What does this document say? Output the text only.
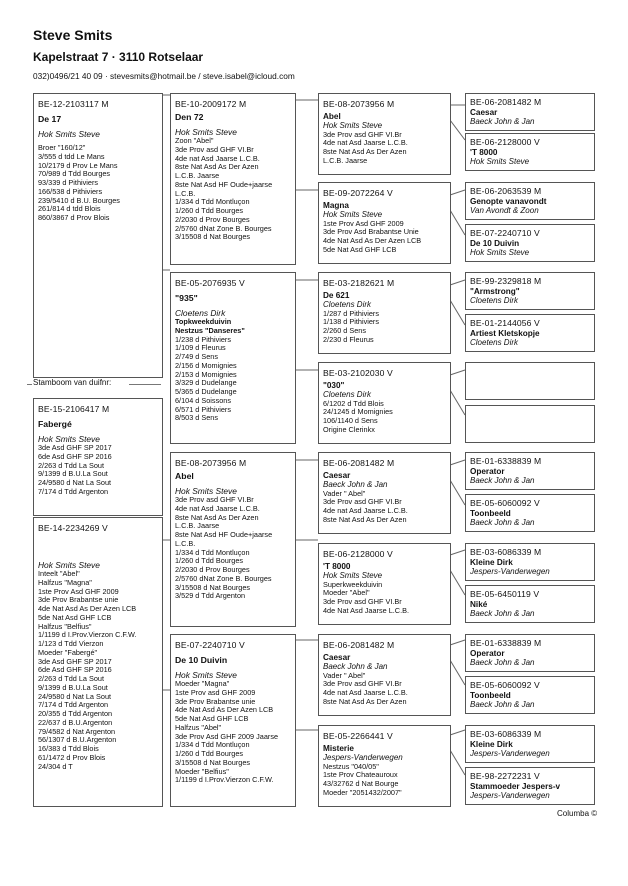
Steve Smits
Kapelstraat 7 · 3110 Rotselaar
032)0496/21 40 09 · stevesmits@hotmail.be / steve.isabel@icloud.com
BE-12-2103117 M
De 17
Hok Smits Steve
Broer "160/12"
3/555 d tdd Le Mans
10/2179 d Prov Le Mans
70/989 d Tdd Bourges
93/339 d Pithiviers
166/538 d Pithiviers
239/5410 d B.U. Bourges
261/814 d tdd Blois
860/3867 d Prov Blois
Stamboom van duifnr:
BE-15-2106417 M
Fabergé
Hok Smits Steve
3de Asd GHF SP 2017
6de Asd GHF SP 2016
2/263 d Tdd La Sout
9/1399 d B.U.La Sout
24/9580 d Nat La Sout
7/174 d Tdd Argenton
BE-14-2234269 V
Hok Smits Steve
Inteelt "Abel"
Halfzus "Magna"
1ste Prov Asd GHF 2009
3de Prov Brabantse unie
4de Nat Asd As Der Azen LCB
5de Nat Asd GHF LCB
Halfzus "Belfius"
1/1199 d I.Prov.Vierzon C.F.W.
1/123 d Tdd Vierzon
Moeder "Fabergé"
3de Asd GHF SP 2017
6de Asd GHF SP 2016
2/263 d Tdd La Sout
9/1399 d B.U.La Sout
24/9580 d Nat La Sout
7/174 d Tdd Argenton
20/355 d Tdd Argenton
22/637 d B.U.Argenton
79/4582 d Nat Argenton
56/1307 d B.U.Argenton
16/383 d Tdd Blois
61/1472 d Prov Blois
24/304 d T
BE-10-2009172 M
Den 72
Hok Smits Steve
Zoon "Abel"
3de Prov asd GHF VI.Br
4de nat Asd Jaarse L.C.B.
8ste Nat Asd As Der Azen
L.C.B. Jaarse
8ste Nat Asd HF Oude+jaarse
L.C.B.
1/334 d Tdd Montluçon
1/260 d Tdd Bourges
2/2030 d Prov Bourges
2/5760 dNat Zone B. Bourges
3/15508 d Nat Bourges
BE-05-2076935 V
"935"
Cloetens Dirk
Topkweekduivin
Nestzus "Danseres"
1/238 d Pithiviers
1/109 d Fleurus
2/749 d Sens
2/156 d Momignies
2/153 d Momignies
3/329 d Dudelange
5/365 d Dudelange
6/104 d Soissons
6/571 d Pithiviers
8/503 d Sens
BE-08-2073956 M
Abel
Hok Smits Steve
3de Prov asd GHF VI.Br
4de nat Asd Jaarse L.C.B.
8ste Nat Asd As Der Azen
L.C.B. Jaarse
8ste Nat Asd HF Oude+jaarse
L.C.B.
1/334 d Tdd Montluçon
1/260 d Tdd Bourges
2/2030 d Prov Bourges
2/5760 dNat Zone B. Bourges
3/15508 d Nat Bourges
3/529 d Tdd Argenton
BE-07-2240710 V
De 10 Duivin
Hok Smits Steve
Moeder "Magna"
1ste Prov asd GHF 2009
3de Prov Brabantse unie
4de Nat Asd As Der Azen LCB
5de Nat Asd GHF LCB
Halfzus "Abel"
3de Prov Asd GHF 2009 Jaarse
1/334 d Tdd Montluçon
1/260 d Tdd Bourges
3/15508 d Nat Bourges
Moeder "Belfius"
1/1199 d I.Prov.Vierzon C.F.W.
BE-08-2073956 M
Abel
Hok Smits Steve
3de Prov asd GHF VI.Br
4de nat Asd Jaarse L.C.B.
8ste Nat Asd As Der Azen
L.C.B. Jaarse
BE-09-2072264 V
Magna
Hok Smits Steve
1ste Prov Asd GHF 2009
3de Prov Asd Brabantse Unie
4de Nat Asd As Der Azen LCB
5de Nat Asd GHF LCB
BE-03-2182621 M
De 621
Cloetens Dirk
1/287 d Pithiviers
1/138 d Pithiviers
2/260 d Sens
2/230 d Fleurus
BE-03-2102030 V
"030"
Cloetens Dirk
6/1202 d Tdd Blois
24/1245 d Momignies
106/1140 d Sens
Origine Clerinkx
BE-06-2081482 M
Caesar
Baeck John & Jan
Vader " Abel"
3de Prov asd GHF VI.Br
4de nat Asd Jaarse L.C.B.
8ste Nat Asd As Der Azen
BE-06-2128000 V
'T 8000
Hok Smits Steve
Superkweekduivin
Moeder "Abel"
3de Prov asd GHF VI.Br
4de Nat Asd Jaarse L.C.B.
BE-06-2081482 M
Caesar
Baeck John & Jan
Vader " Abel"
3de Prov asd GHF VI.Br
4de nat Asd Jaarse L.C.B.
8ste Nat Asd As Der Azen
BE-05-2266441 V
Misterie
Jespers-Vanderwegen
Nestzus "040/05"
1ste Prov Chateauroux
43/32762 d Nat Bourge
Moeder "2051432/2007"
BE-06-2081482 M
Caesar
Baeck John & Jan
BE-06-2128000 V
'T 8000
Hok Smits Steve
BE-06-2063539 M
Genopte vanavondt
Van Avondt & Zoon
BE-07-2240710 V
De 10 Duivin
Hok Smits Steve
BE-99-2329818 M
"Armstrong"
Cloetens Dirk
BE-01-2144056 V
Artiest Kletskopje
Cloetens Dirk
BE-01-6338839 M
Operator
Baeck John & Jan
BE-05-6060092 V
Toonbeeld
Baeck John & Jan
BE-03-6086339 M
Kleine Dirk
Jespers-Vanderwegen
BE-05-6450119 V
Niké
Baeck John & Jan
BE-01-6338839 M
Operator
Baeck John & Jan
BE-05-6060092 V
Toonbeeld
Baeck John & Jan
BE-03-6086339 M
Kleine Dirk
Jespers-Vanderwegen
BE-98-2272231 V
Stammoeder Jespers-v
Jespers-Vanderwegen
Columba ©
